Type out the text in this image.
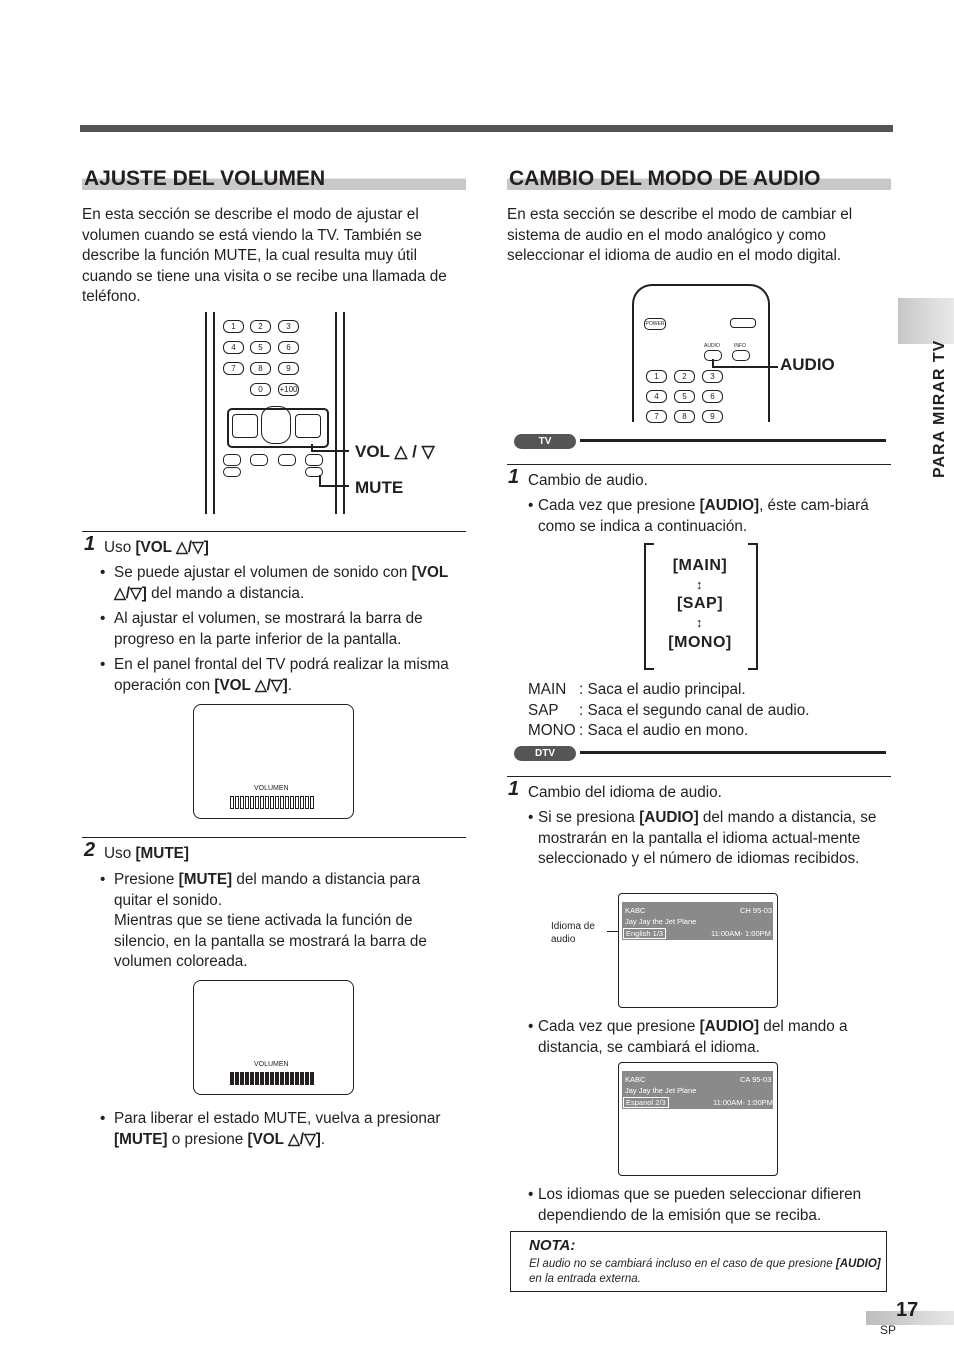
PARA MIRAR TV
AJUSTE DEL VOLUMEN
En esta sección se describe el modo de ajustar el volumen cuando se está viendo la TV. También se describe la función MUTE, la cual resulta muy útil cuando se tiene una visita o se recibe una llamada de teléfono.
1	2	3
4	5	6
7	8	9
0	+100
VOL △ / ▽
MUTE
1 Uso [VOL △/▽]
• Se puede ajustar el volumen de sonido con [VOL △/▽] del mando a distancia.
• Al ajustar el volumen, se mostrará la barra de progreso en la parte inferior de la pantalla.
• En el panel frontal del TV podrá realizar la misma operación con [VOL △/▽].
VOLUMEN
2 Uso [MUTE]
• Presione [MUTE] del mando a distancia para quitar el sonido.
Mientras que se tiene activada la función de silencio, en la pantalla se mostrará la barra de volumen coloreada.
VOLUMEN
• Para liberar el estado MUTE, vuelva a presionar [MUTE] o presione [VOL △/▽].
CAMBIO DEL MODO DE AUDIO
En esta sección se describe el modo de cambiar el sistema de audio en el modo analógico y como seleccionar el idioma de audio en el modo digital.
POWER
AUDIO	INFO
1	2	3
4	5	6
7	8	9
AUDIO
TV
1 Cambio de audio.
• Cada vez que presione [AUDIO], éste cam-biará como se indica a continuación.
[MAIN]
↕
[SAP]
↕
[MONO]
MAIN : Saca el audio principal.
SAP : Saca el segundo canal de audio.
MONO : Saca el audio en mono.
DTV
1 Cambio del idioma de audio.
• Si se presiona [AUDIO] del mando a distancia, se mostrarán en la pantalla el idioma actual-mente seleccionado y el número de idiomas recibidos.
Idioma de audio
KABC	CH 95-03
Jay Jay the Jet Plane
English 1/3	11:00AM- 1:00PM
• Cada vez que presione [AUDIO] del mando a distancia, se cambiará el idioma.
KABC	CA 95-03
Jay Jay the Jet Plane
Espanol 2/3	11:00AM- 1:00PM
• Los idiomas que se pueden seleccionar difieren dependiendo de la emisión que se reciba.
NOTA:
El audio no se cambiará incluso en el caso de que presione [AUDIO] en la entrada externa.
17
SP
